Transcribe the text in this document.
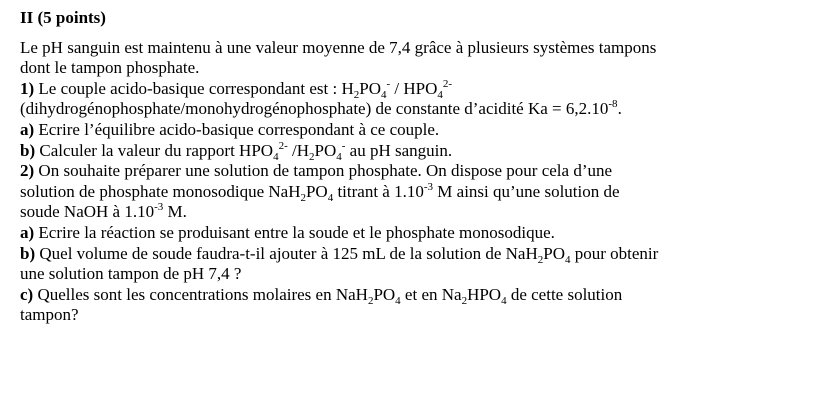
II (5 points)

Le pH sanguin est maintenu à une valeur moyenne de 7,4 grâce à plusieurs systèmes tampons

dont le tampon phosphate.

1) Le couple acido-basique correspondant est : $H_2PO_4^- / HPO_4^{2-}$

(dihydrogénophosphate/monohydrogénophosphate) de constante d’acidité $Ka = 6,2.10^{-8}$.

a) Ecrire l’équilibre acido-basique correspondant à ce couple.

b) Calculer la valeur du rapport $HPO_4^{2-}$ $/H_2PO_4^-$ au pH sanguin.

2) On souhaite préparer une solution de tampon phosphate. On dispose pour cela d’une

solution de phosphate monosodique $NaH_2PO_4$ titrant à $1.10^{-3}$ M ainsi qu’une solution de

soude NaOH à $1.10^{-3}$ M.

a) Ecrire la réaction se produisant entre la soude et le phosphate monosodique.

b) Quel volume de soude faudra-t-il ajouter à 125 mL de la solution de $NaH_2PO_4$ pour obtenir

une solution tampon de pH 7,4 ?

c) Quelles sont les concentrations molaires en $NaH_2PO_4$ et en $Na_2HPO_4$ de cette solution

tampon?
